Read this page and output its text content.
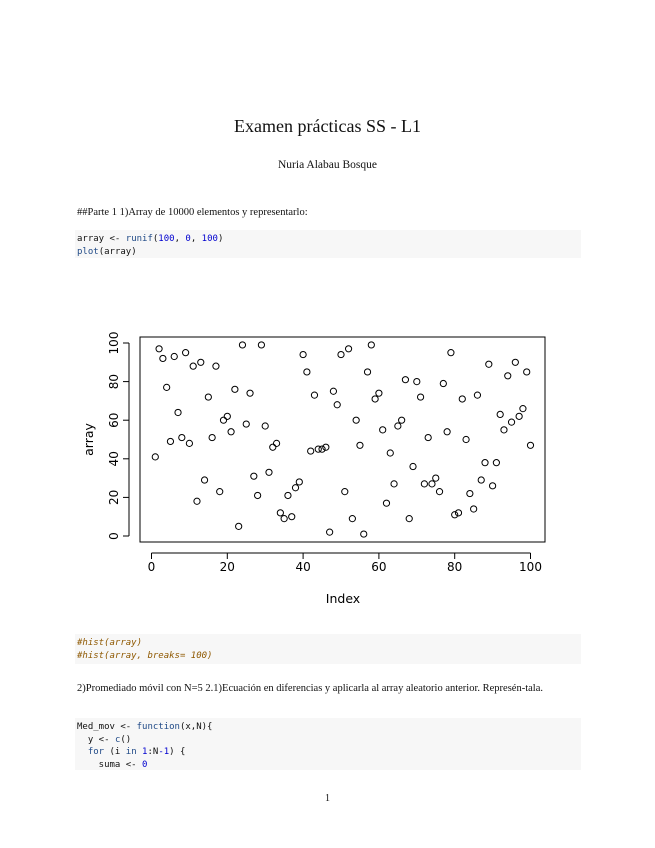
Examen prácticas SS - L1
Nuria Alabau Bosque
##Parte 1 1)Array de 10000 elementos y representarlo:
array <- runif(100, 0, 100)
plot(array)
0	20	40	60	80	100
0
20
40
60
80
100
Index
array
#hist(array)
#hist(array, breaks= 100)
2)Promediado móvil con N=5 2.1)Ecuación en diferencias y aplicarla al array aleatorio anterior. Represén-tala.
Med_mov <- function(x,N){
y <- c()
for (i in 1:N-1) {
suma <- 0
1
